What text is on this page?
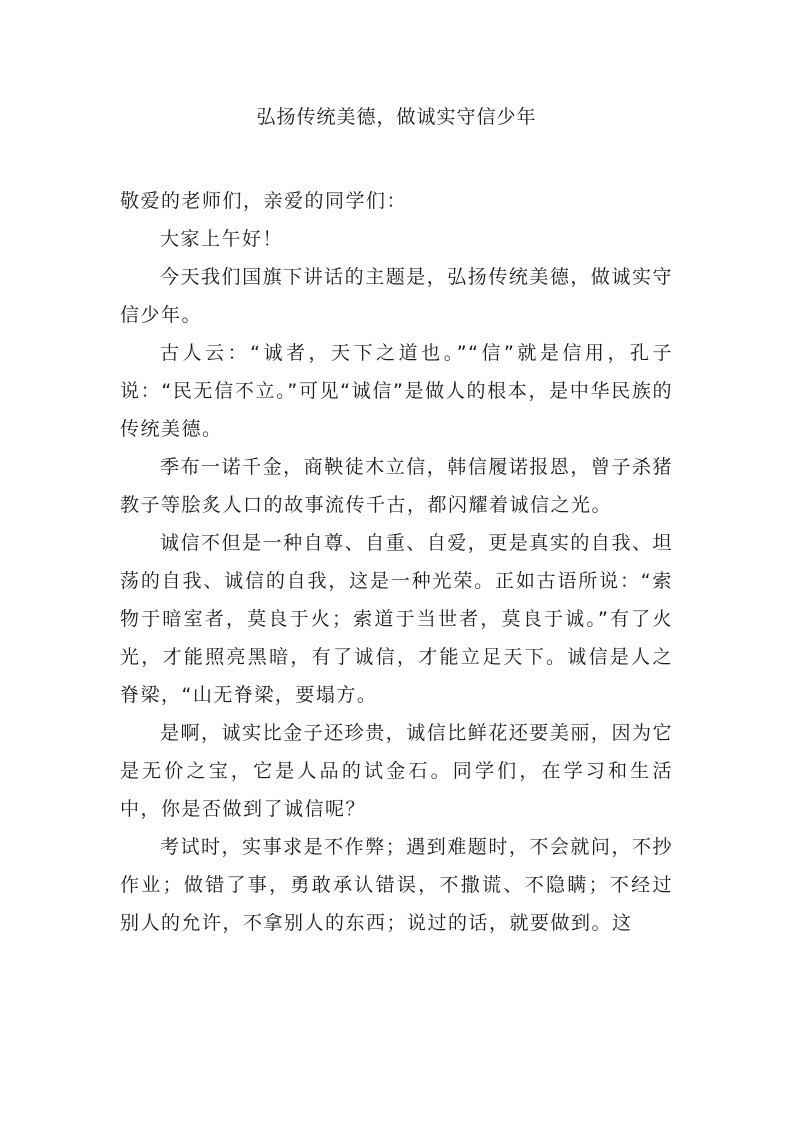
弘扬传统美德，做诚实守信少年

敬爱的老师们，亲爱的同学们：

大家上午好！

今天我们国旗下讲话的主题是，弘扬传统美德，做诚实守信少年。

古人云：“诚者，天下之道也。”“信”就是信用，孔子说：“民无信不立。”可见“诚信”是做人的根本，是中华民族的传统美德。

季布一诺千金，商鞅徒木立信，韩信履诺报恩，曾子杀猪教子等脍炙人口的故事流传千古，都闪耀着诚信之光。

诚信不但是一种自尊、自重、自爱，更是真实的自我、坦荡的自我、诚信的自我，这是一种光荣。正如古语所说：“索物于暗室者，莫良于火；索道于当世者，莫良于诚。”有了火光，才能照亮黑暗，有了诚信，才能立足天下。诚信是人之脊梁，“山无脊梁，要塌方。

是啊，诚实比金子还珍贵，诚信比鲜花还要美丽，因为它是无价之宝，它是人品的试金石。同学们，在学习和生活中，你是否做到了诚信呢？

考试时，实事求是不作弊；遇到难题时，不会就问，不抄作业；做错了事，勇敢承认错误，不撒谎、不隐瞒；不经过别人的允许，不拿别人的东西；说过的话，就要做到。这
